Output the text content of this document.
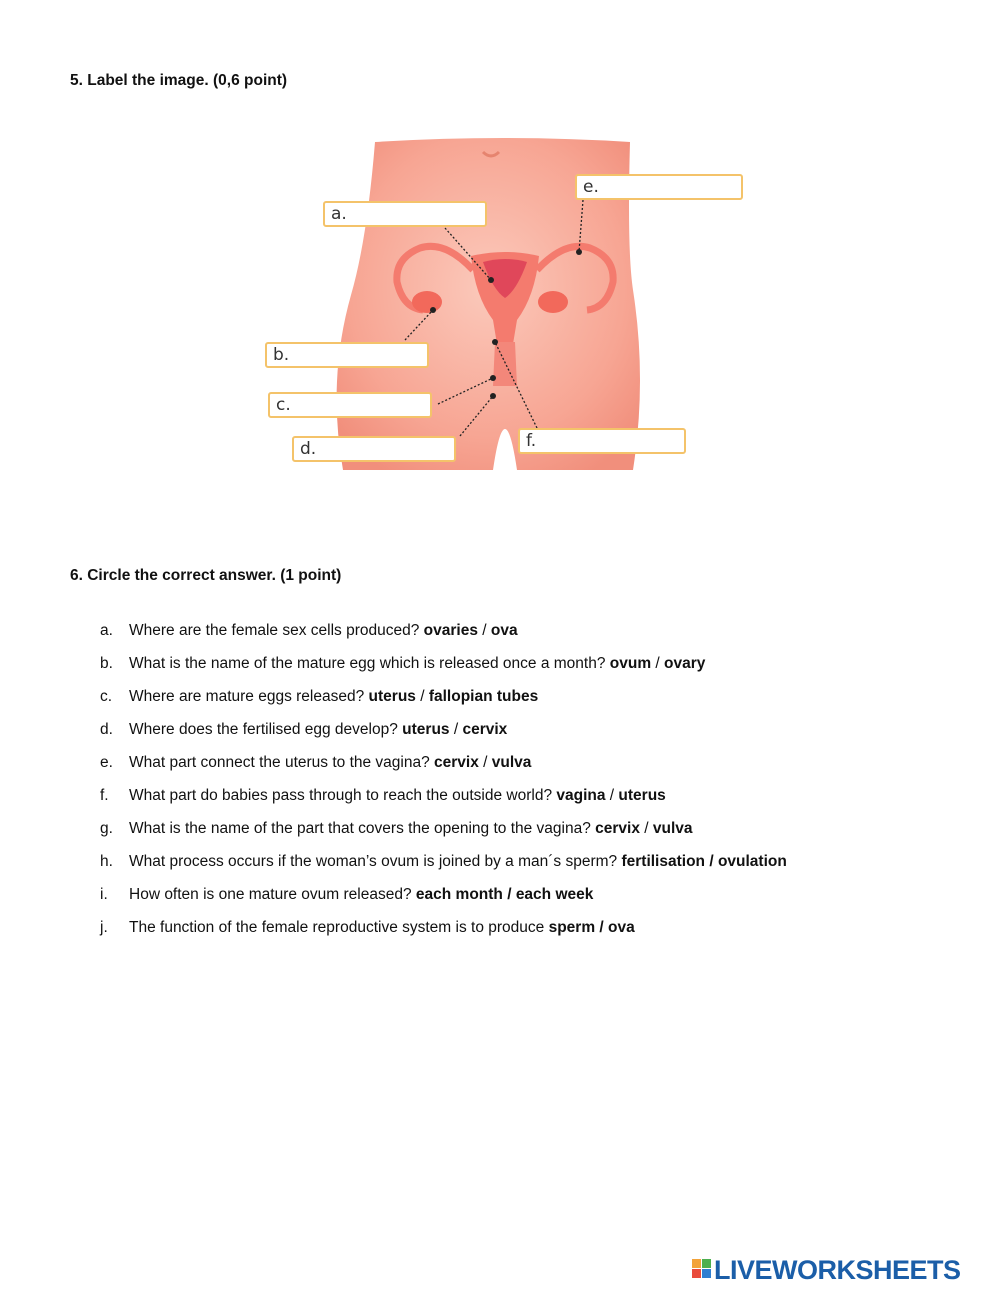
5. Label the image. (0,6 point)
a.
b.
c.
d.
e.
f.
6. Circle the correct answer. (1 point)
a. Where are the female sex cells produced? ovaries / ova
b. What is the name of the mature egg which is released once a month? ovum / ovary
c. Where are mature eggs released? uterus / fallopian tubes
d. Where does the fertilised egg develop? uterus / cervix
e. What part connect the uterus to the vagina? cervix / vulva
f. What part do babies pass through to reach the outside world? vagina / uterus
g. What is the name of the part that covers the opening to the vagina? cervix / vulva
h. What process occurs if the woman’s ovum is joined by a man´s sperm? fertilisation / ovulation
i. How often is one mature ovum released? each month / each week
j. The function of the female reproductive system is to produce sperm / ova
LIVEWORKSHEETS
